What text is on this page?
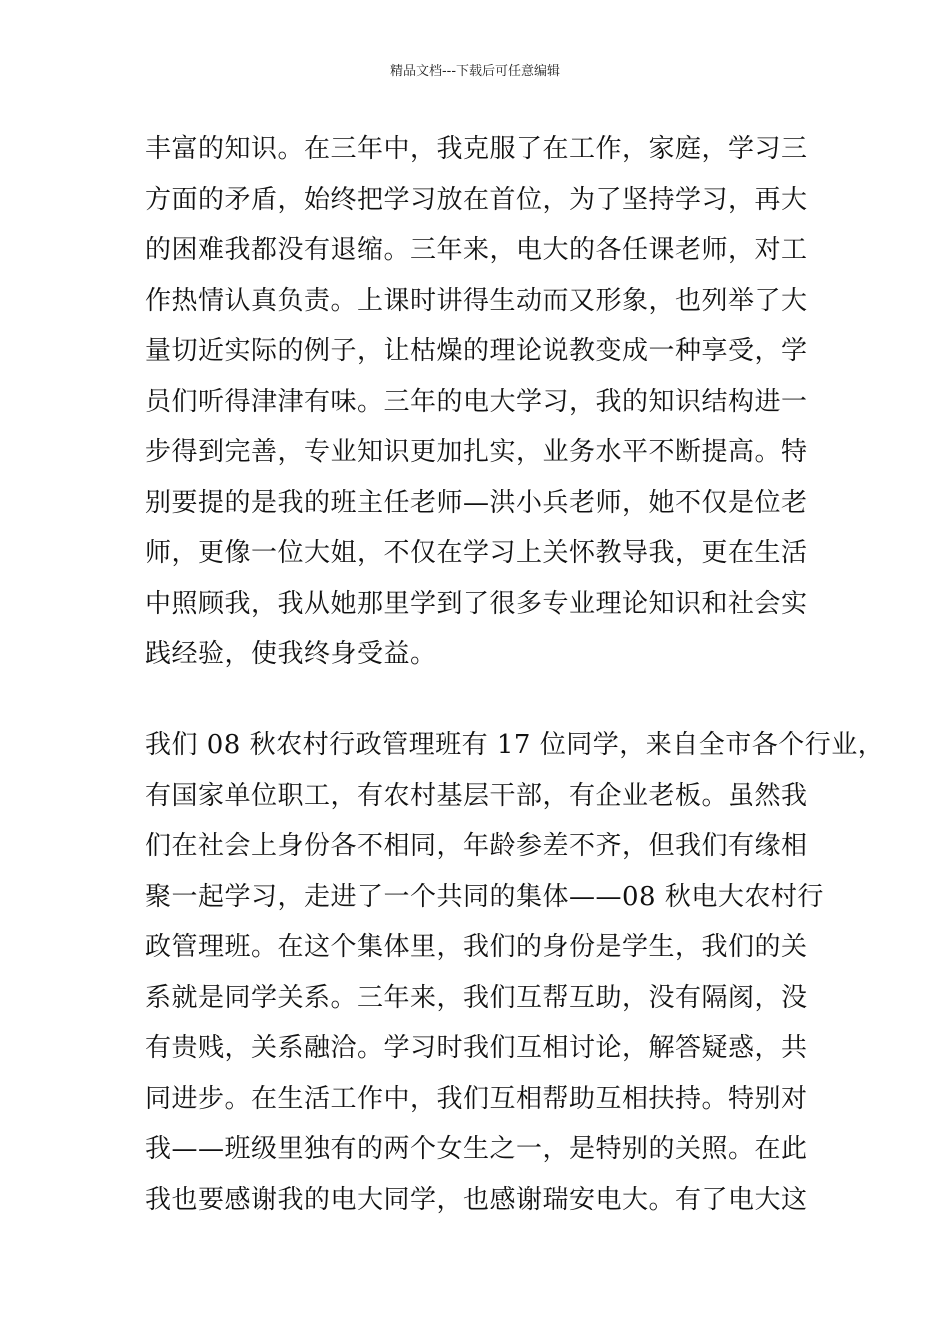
精品文档---下载后可任意编辑
丰富的知识。在三年中，我克服了在工作，家庭，学习三
方面的矛盾，始终把学习放在首位，为了坚持学习，再大
的困难我都没有退缩。三年来，电大的各任课老师，对工
作热情认真负责。上课时讲得生动而又形象，也列举了大
量切近实际的例子，让枯燥的理论说教变成一种享受，学
员们听得津津有味。三年的电大学习，我的知识结构进一
步得到完善，专业知识更加扎实，业务水平不断提高。特
别要提的是我的班主任老师—洪小兵老师，她不仅是位老
师，更像一位大姐，不仅在学习上关怀教导我，更在生活
中照顾我，我从她那里学到了很多专业理论知识和社会实
践经验，使我终身受益。
我们 08 秋农村行政管理班有 17 位同学，来自全市各个行业，
有国家单位职工，有农村基层干部，有企业老板。虽然我
们在社会上身份各不相同，年龄参差不齐，但我们有缘相
聚一起学习，走进了一个共同的集体——08 秋电大农村行
政管理班。在这个集体里，我们的身份是学生，我们的关
系就是同学关系。三年来，我们互帮互助，没有隔阂，没
有贵贱，关系融洽。学习时我们互相讨论，解答疑惑，共
同进步。在生活工作中，我们互相帮助互相扶持。特别对
我——班级里独有的两个女生之一，是特别的关照。在此
我也要感谢我的电大同学，也感谢瑞安电大。有了电大这
